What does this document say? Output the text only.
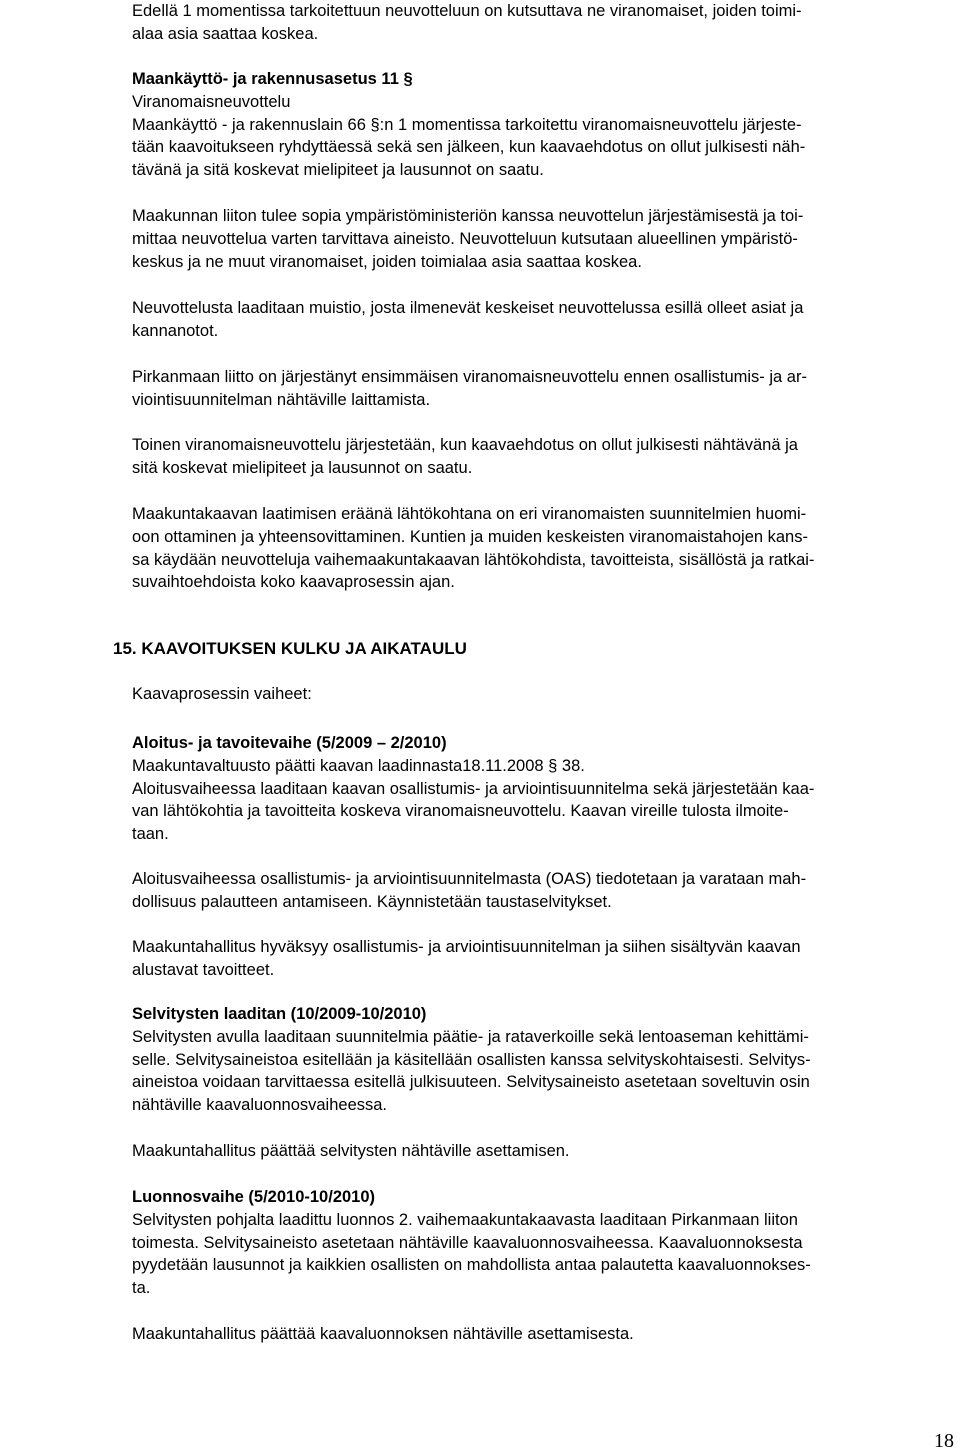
Edellä 1 momentissa tarkoitettuun neuvotteluun on kutsuttava ne viranomaiset, joiden toimi-
alaa asia saattaa koskea.

Maankäyttö- ja rakennusasetus 11 §
Viranomaisneuvottelu
Maankäyttö - ja rakennuslain 66 §:n 1 momentissa tarkoitettu viranomaisneuvottelu järjeste-
tään kaavoitukseen ryhdyttäessä sekä sen jälkeen, kun kaavaehdotus on ollut julkisesti näh-
tävänä ja sitä koskevat mielipiteet ja lausunnot on saatu.

Maakunnan liiton tulee sopia ympäristöministeriön kanssa neuvottelun järjestämisestä ja toi-
mittaa neuvottelua varten tarvittava aineisto. Neuvotteluun kutsutaan alueellinen ympäristö-
keskus ja ne muut viranomaiset, joiden toimialaa asia saattaa koskea.

Neuvottelusta laaditaan muistio, josta ilmenevät keskeiset neuvottelussa esillä olleet asiat ja
kannanotot.

Pirkanmaan liitto on järjestänyt ensimmäisen viranomaisneuvottelu ennen osallistumis- ja ar-
viointisuunnitelman nähtäville laittamista.

Toinen viranomaisneuvottelu järjestetään, kun kaavaehdotus on ollut julkisesti nähtävänä ja
sitä koskevat mielipiteet ja lausunnot on saatu.

Maakuntakaavan laatimisen eräänä lähtökohtana on eri viranomaisten suunnitelmien huomi-
oon ottaminen ja yhteensovittaminen. Kuntien ja muiden keskeisten viranomaistahojen kans-
sa käydään neuvotteluja vaihemaakuntakaavan lähtökohdista, tavoitteista, sisällöstä ja ratkai-
suvaihtoehdoista koko kaavaprosessin ajan.

15. KAAVOITUKSEN KULKU JA AIKATAULU

Kaavaprosessin vaiheet:

Aloitus- ja tavoitevaihe (5/2009 – 2/2010)
Maakuntavaltuusto päätti kaavan laadinnasta18.11.2008 § 38.
Aloitusvaiheessa laaditaan kaavan osallistumis- ja arviointisuunnitelma sekä järjestetään kaa-
van lähtökohtia ja tavoitteita koskeva viranomaisneuvottelu. Kaavan vireille tulosta ilmoite-
taan.

Aloitusvaiheessa osallistumis- ja arviointisuunnitelmasta (OAS) tiedotetaan ja varataan mah-
dollisuus palautteen antamiseen. Käynnistetään taustaselvitykset.

Maakuntahallitus hyväksyy osallistumis- ja arviointisuunnitelman ja siihen sisältyvän kaavan
alustavat tavoitteet.

Selvitysten laaditan (10/2009-10/2010)
Selvitysten avulla laaditaan suunnitelmia päätie- ja rataverkoille sekä lentoaseman kehittämi-
selle. Selvitysaineistoa esitellään ja käsitellään osallisten kanssa selvityskohtaisesti. Selvitys-
aineistoa voidaan tarvittaessa esitellä julkisuuteen. Selvitysaineisto asetetaan soveltuvin osin
nähtäville kaavaluonnosvaiheessa.

Maakuntahallitus päättää selvitysten nähtäville asettamisen.

Luonnosvaihe (5/2010-10/2010)
Selvitysten pohjalta laadittu luonnos 2. vaihemaakuntakaavasta laaditaan Pirkanmaan liiton
toimesta. Selvitysaineisto asetetaan nähtäville kaavaluonnosvaiheessa. Kaavaluonnoksesta
pyydetään lausunnot ja kaikkien osallisten on mahdollista antaa palautetta kaavaluonnokses-
ta.

Maakuntahallitus päättää kaavaluonnoksen nähtäville asettamisesta.

18
